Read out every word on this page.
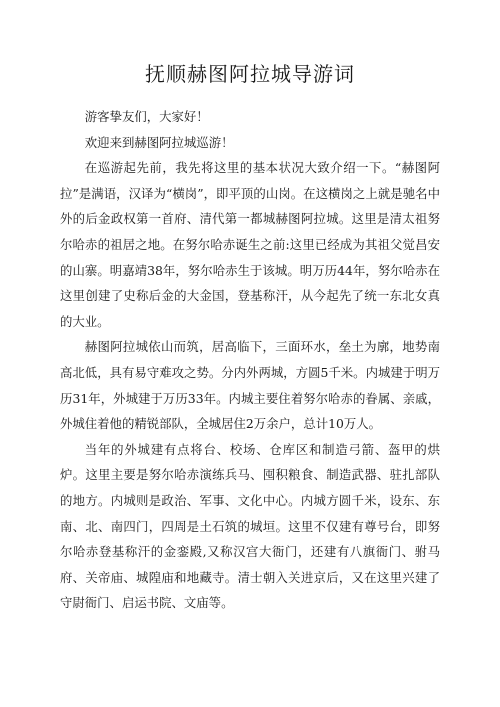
抚顺赫图阿拉城导游词

游客挚友们，大家好！

欢迎来到赫图阿拉城巡游！

在巡游起先前，我先将这里的基本状况大致介绍一下。“赫图阿拉”是满语，汉译为“横岗”，即平顶的山岗。在这横岗之上就是驰名中外的后金政权第一首府、清代第一都城赫图阿拉城。这里是清太祖努尔哈赤的祖居之地。在努尔哈赤诞生之前:这里已经成为其祖父觉昌安的山寨。明嘉靖38年，努尔哈赤生于该城。明万历44年，努尔哈赤在这里创建了史称后金的大金国，登基称汗，从今起先了统一东北女真的大业。

赫图阿拉城依山而筑，居高临下，三面环水，垒土为廓，地势南高北低，具有易守难攻之势。分内外两城，方圆5千米。内城建于明万历31年，外城建于万历33年。内城主要住着努尔哈赤的眷属、亲戚，外城住着他的精锐部队，全城居住2万余户，总计10万人。

当年的外城建有点将台、校场、仓库区和制造弓箭、盔甲的烘炉。这里主要是努尔哈赤演练兵马、囤积粮食、制造武器、驻扎部队的地方。内城则是政治、军事、文化中心。内城方圆千米，设东、东南、北、南四门，四周是土石筑的城垣。这里不仅建有尊号台，即努尔哈赤登基称汗的金銮殿,又称汉宫大衙门，还建有八旗衙门、驸马府、关帝庙、城隍庙和地藏寺。清士朝入关进京后，又在这里兴建了守尉衙门、启运书院、文庙等。
